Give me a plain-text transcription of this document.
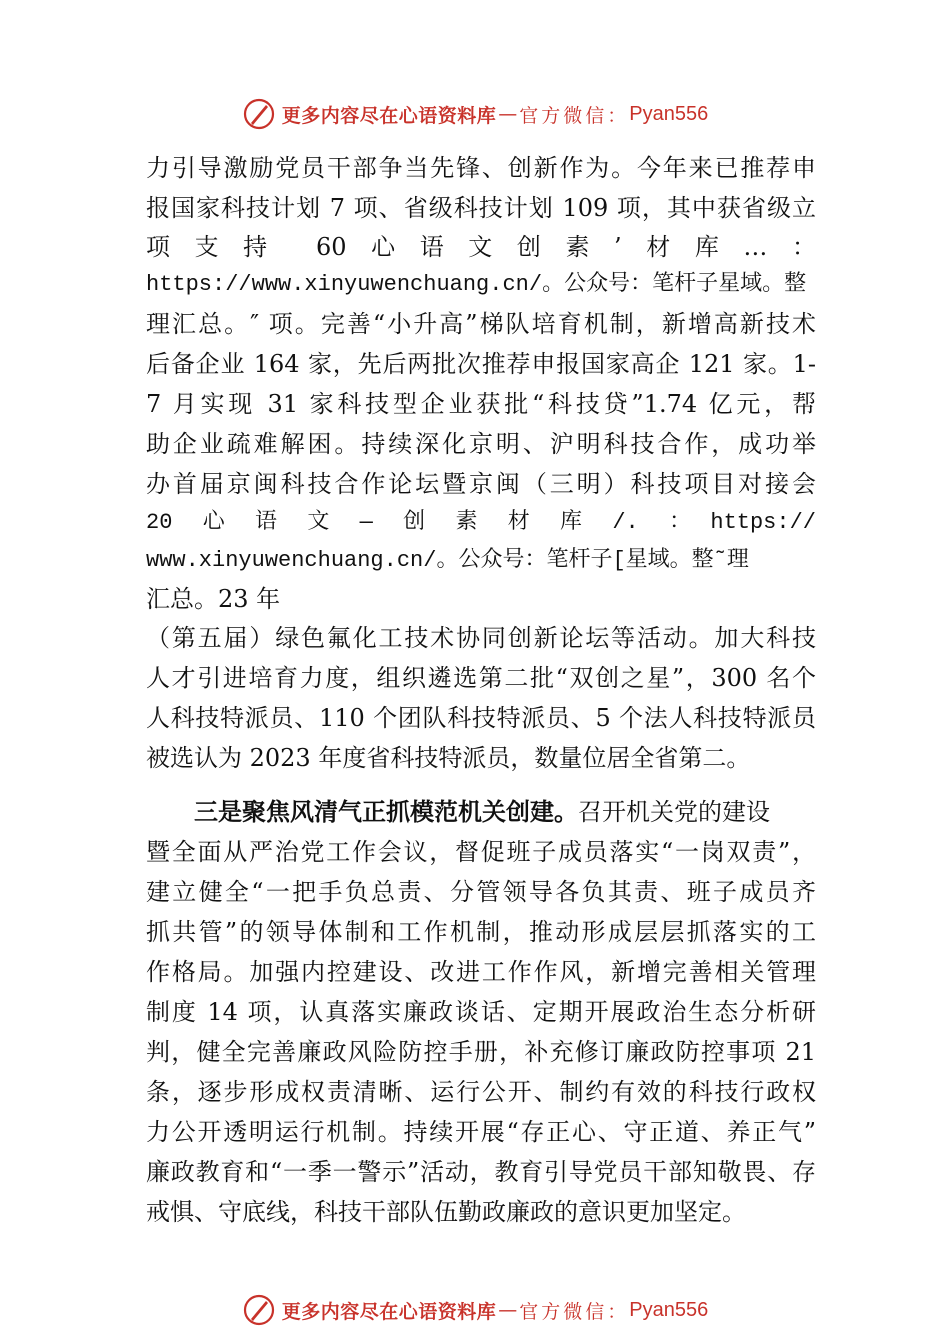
更多内容尽在心语资料库 — 官方微信： Pyan556
力引导激励党员干部争当先锋、创新作为。今年来已推荐申
报国家科技计划 7 项、省级科技计划 109 项，其中获省级立
项　支　持　　60　心　语　文　创　素　’　材　库　…　：
https://www.xinyuwenchuang.cn/。公众号：笔杆子星域。整
理汇总。″ 项。完善“小升高”梯队培育机制，新增高新技术
后备企业 164 家，先后两批次推荐申报国家高企 121 家。1-
7 月实现 31 家科技型企业获批“科技贷”1.74 亿元，帮
助企业疏难解困。持续深化京明、沪明科技合作，成功举
办首届京闽科技合作论坛暨京闽（三明）科技项目对接会
20　心　语　文　—　创　素　材　库　/.　：　https://
www.xinyuwenchuang.cn/。公众号：笔杆子[星域。整˜理
汇总。23 年
（第五届）绿色氟化工技术协同创新论坛等活动。加大科技
人才引进培育力度，组织遴选第二批“双创之星”，300 名个
人科技特派员、110 个团队科技特派员、5 个法人科技特派员
被选认为 2023 年度省科技特派员，数量位居全省第二。
三是聚焦风清气正抓模范机关创建。召开机关党的建设
暨全面从严治党工作会议，督促班子成员落实“一岗双责”，
建立健全“一把手负总责、分管领导各负其责、班子成员齐
抓共管”的领导体制和工作机制，推动形成层层抓落实的工
作格局。加强内控建设、改进工作作风，新增完善相关管理
制度 14 项，认真落实廉政谈话、定期开展政治生态分析研
判，健全完善廉政风险防控手册，补充修订廉政防控事项 21
条，逐步形成权责清晰、运行公开、制约有效的科技行政权
力公开透明运行机制。持续开展“存正心、守正道、养正气”
廉政教育和“一季一警示”活动，教育引导党员干部知敬畏、存
戒惧、守底线，科技干部队伍勤政廉政的意识更加坚定。
更多内容尽在心语资料库 — 官方微信： Pyan556
